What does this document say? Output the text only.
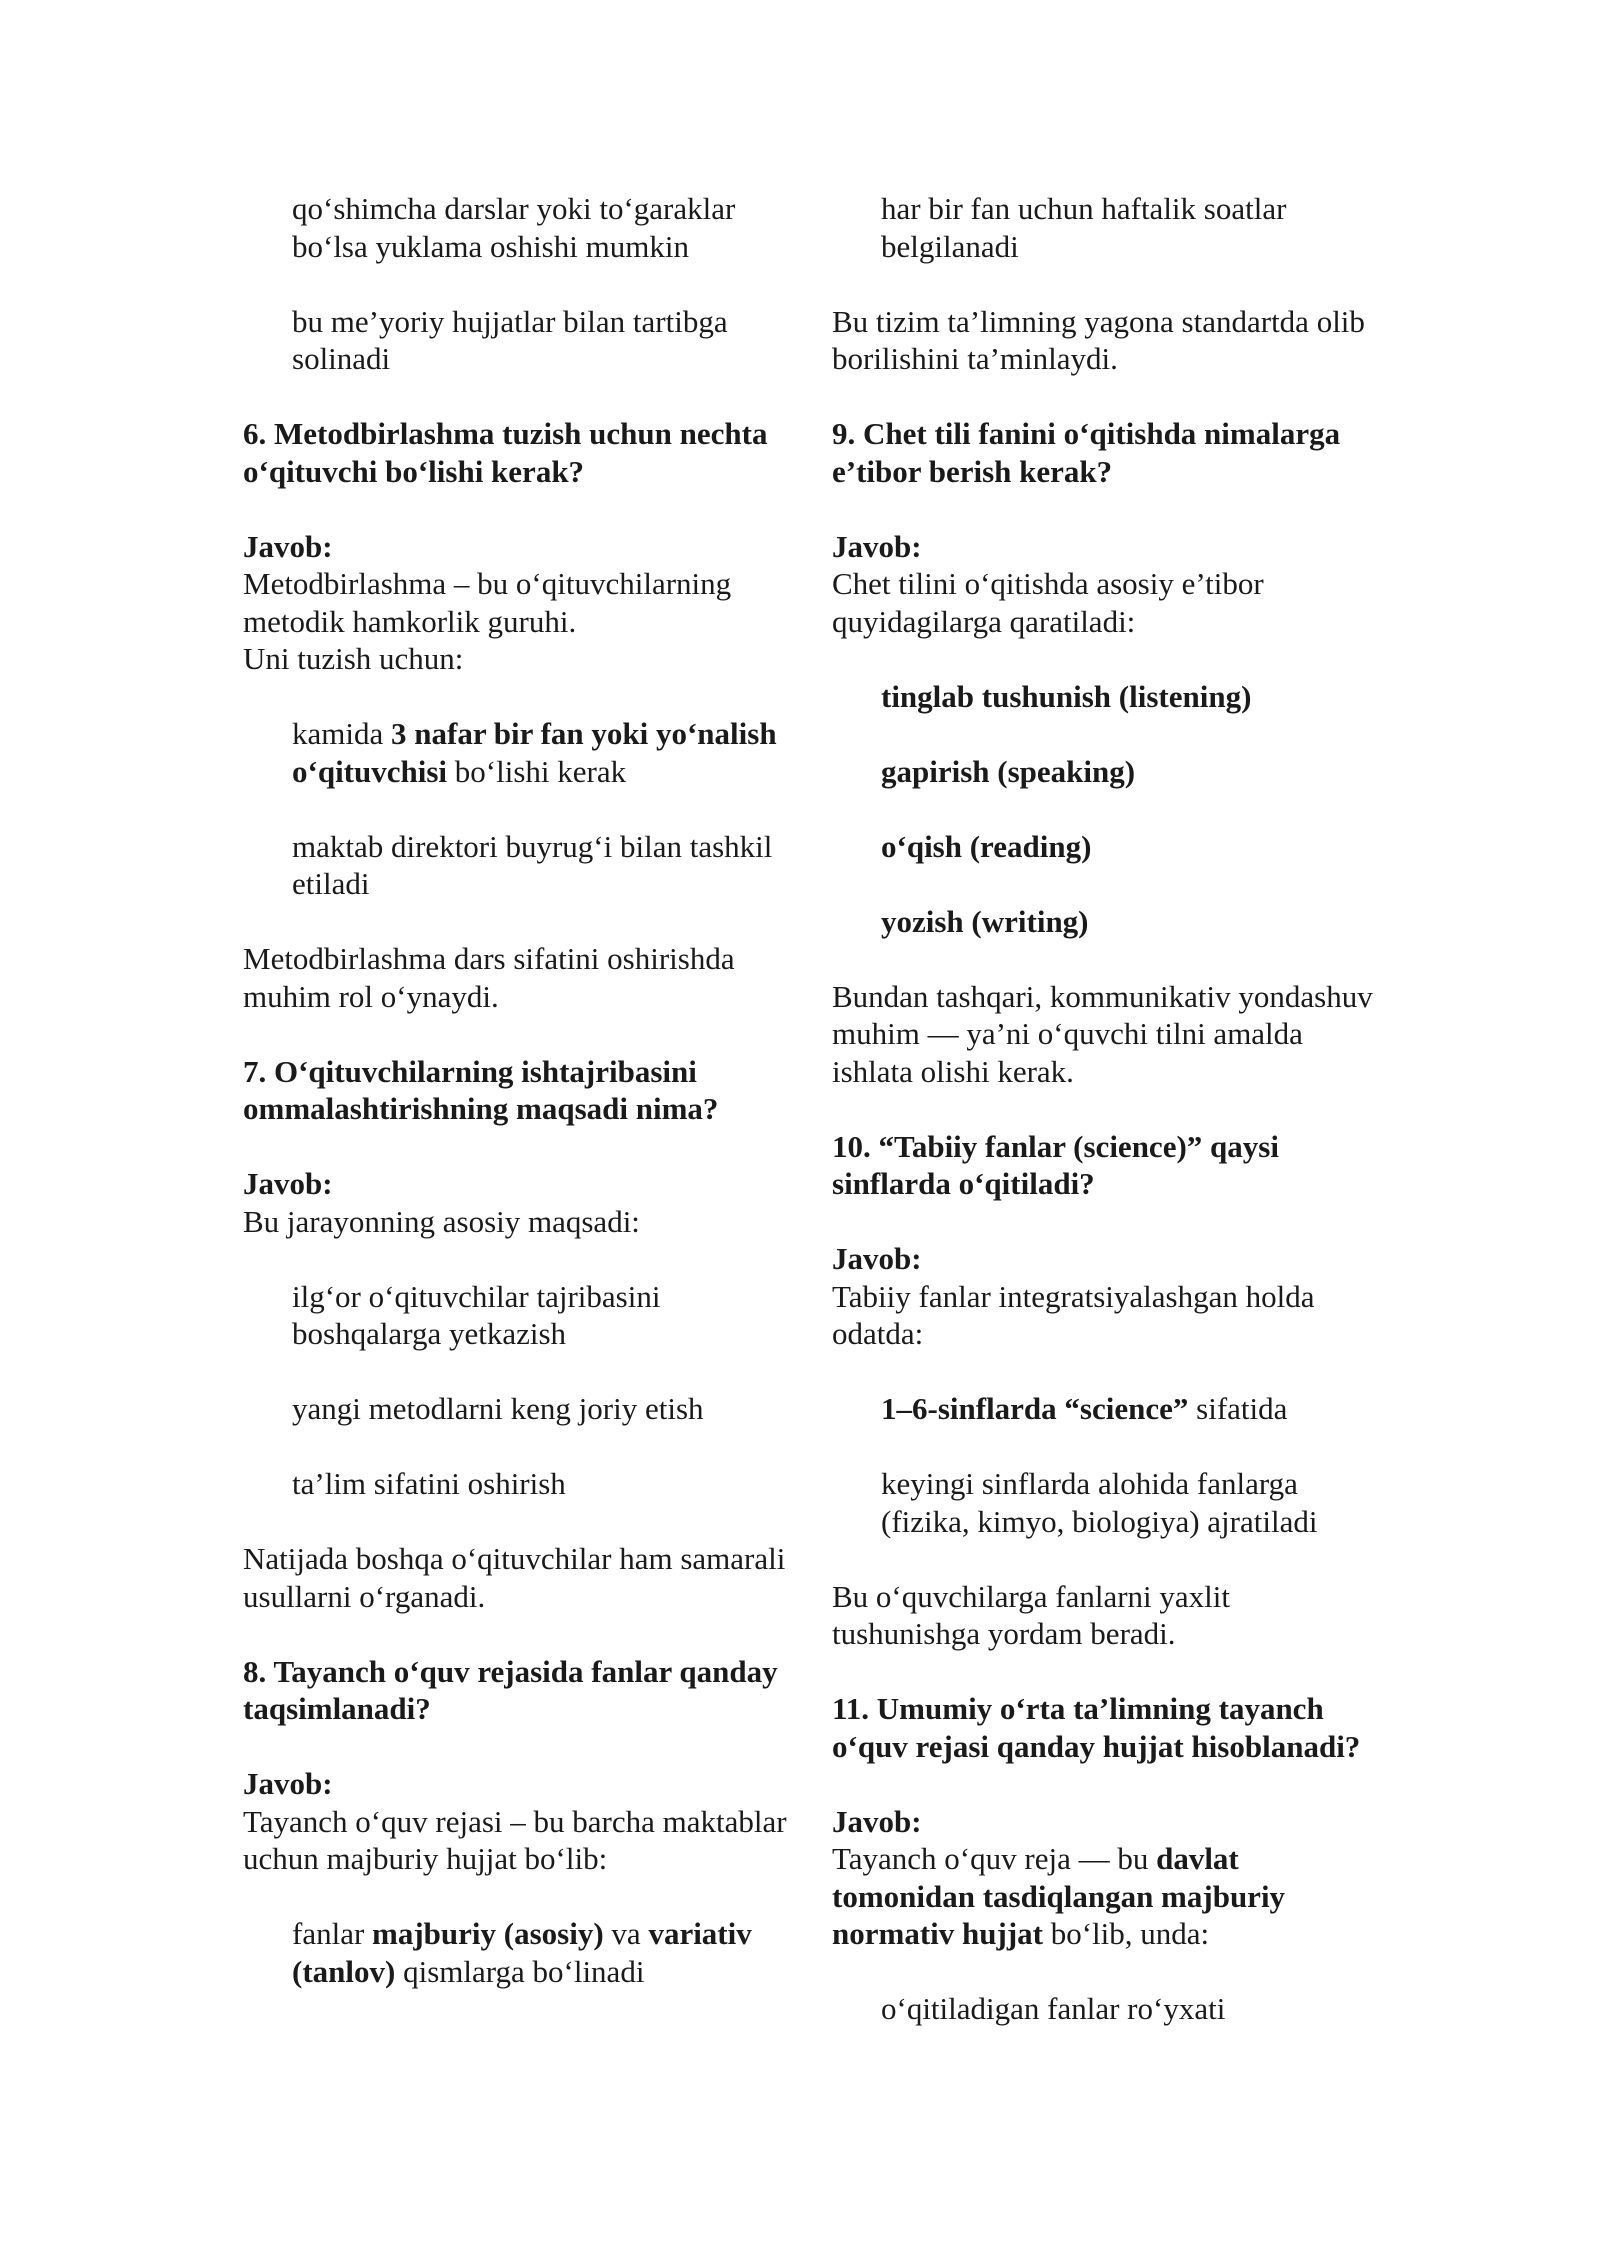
qo‘shimcha darslar yoki to‘garaklar bo‘lsa yuklama oshishi mumkin

bu me’yoriy hujjatlar bilan tartibga solinadi

6. Metodbirlashma tuzish uchun nechta o‘qituvchi bo‘lishi kerak?

Javob:

Metodbirlashma – bu o‘qituvchilarning metodik hamkorlik guruhi.

Uni tuzish uchun:

kamida 3 nafar bir fan yoki yo‘nalish o‘qituvchisi bo‘lishi kerak

maktab direktori buyrug‘i bilan tashkil etiladi

Metodbirlashma dars sifatini oshirishda muhim rol o‘ynaydi.

7. O‘qituvchilarning ishtajribasini ommalashtirishning maqsadi nima?

Javob:

Bu jarayonning asosiy maqsadi:

ilg‘or o‘qituvchilar tajribasini boshqalarga yetkazish

yangi metodlarni keng joriy etish

ta’lim sifatini oshirish

Natijada boshqa o‘qituvchilar ham samarali usullarni o‘rganadi.

8. Tayanch o‘quv rejasida fanlar qanday taqsimlanadi?

Javob:

Tayanch o‘quv rejasi – bu barcha maktablar uchun majburiy hujjat bo‘lib:

fanlar majburiy (asosiy) va variativ (tanlov) qismlarga bo‘linadi

har bir fan uchun haftalik soatlar belgilanadi

Bu tizim ta’limning yagona standartda olib borilishini ta’minlaydi.

9. Chet tili fanini o‘qitishda nimalarga e’tibor berish kerak?

Javob:

Chet tilini o‘qitishda asosiy e’tibor quyidagilarga qaratiladi:

tinglab tushunish (listening)

gapirish (speaking)

o‘qish (reading)

yozish (writing)

Bundan tashqari, kommunikativ yondashuv muhim — ya’ni o‘quvchi tilni amalda ishlata olishi kerak.

10. “Tabiiy fanlar (science)” qaysi sinflarda o‘qitiladi?

Javob:

Tabiiy fanlar integratsiyalashgan holda odatda:

1–6-sinflarda “science” sifatida

keyingi sinflarda alohida fanlarga (fizika, kimyo, biologiya) ajratiladi

Bu o‘quvchilarga fanlarni yaxlit tushunishga yordam beradi.

11. Umumiy o‘rta ta’limning tayanch o‘quv rejasi qanday hujjat hisoblanadi?

Javob:

Tayanch o‘quv reja — bu davlat tomonidan tasdiqlangan majburiy normativ hujjat bo‘lib, unda:

o‘qitiladigan fanlar ro‘yxati
